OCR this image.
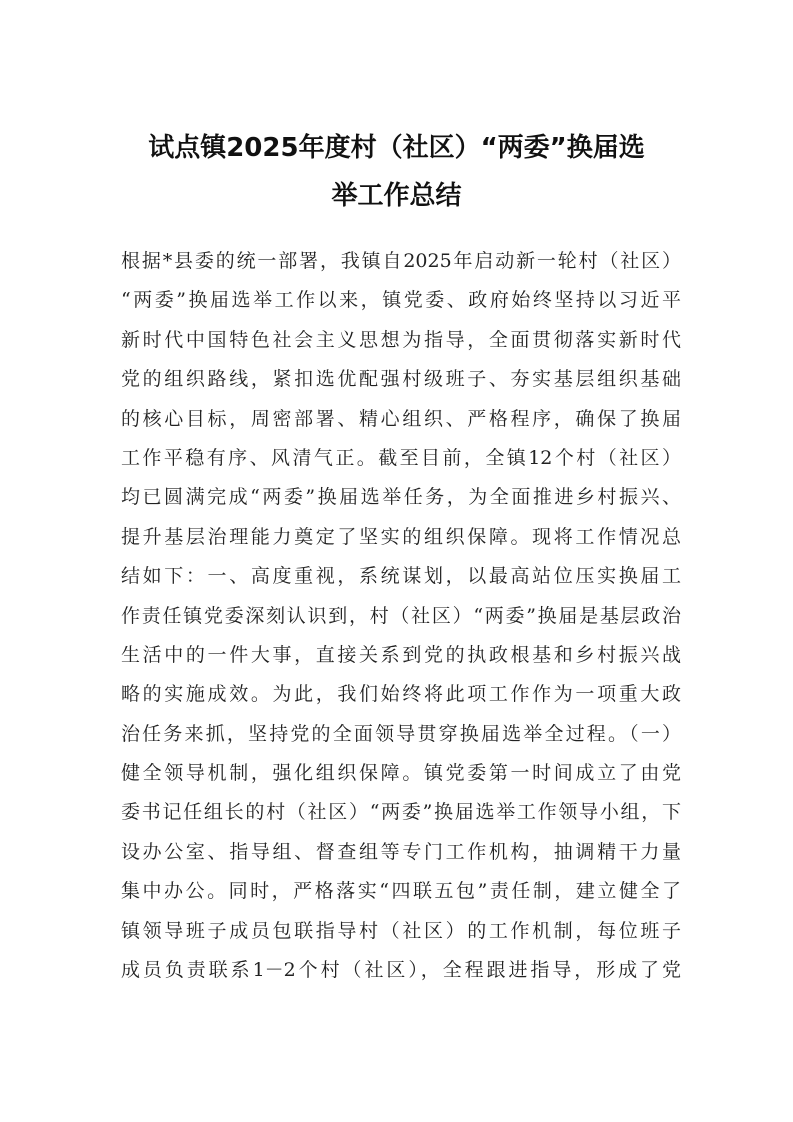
试点镇2025年度村（社区）“两委”换届选
举工作总结
根据*县委的统一部署，我镇自2025年启动新一轮村（社区）
“两委”换届选举工作以来，镇党委、政府始终坚持以习近平
新时代中国特色社会主义思想为指导，全面贯彻落实新时代
党的组织路线，紧扣选优配强村级班子、夯实基层组织基础
的核心目标，周密部署、精心组织、严格程序，确保了换届
工作平稳有序、风清气正。截至目前，全镇12个村（社区）
均已圆满完成“两委”换届选举任务，为全面推进乡村振兴、
提升基层治理能力奠定了坚实的组织保障。现将工作情况总
结如下：一、高度重视，系统谋划，以最高站位压实换届工
作责任镇党委深刻认识到，村（社区）“两委”换届是基层政治
生活中的一件大事，直接关系到党的执政根基和乡村振兴战
略的实施成效。为此，我们始终将此项工作作为一项重大政
治任务来抓，坚持党的全面领导贯穿换届选举全过程。（一）
健全领导机制，强化组织保障。镇党委第一时间成立了由党
委书记任组长的村（社区）“两委”换届选举工作领导小组，下
设办公室、指导组、督查组等专门工作机构，抽调精干力量
集中办公。同时，严格落实“四联五包”责任制，建立健全了
镇领导班子成员包联指导村（社区）的工作机制，每位班子
成员负责联系1－2个村（社区），全程跟进指导，形成了党
